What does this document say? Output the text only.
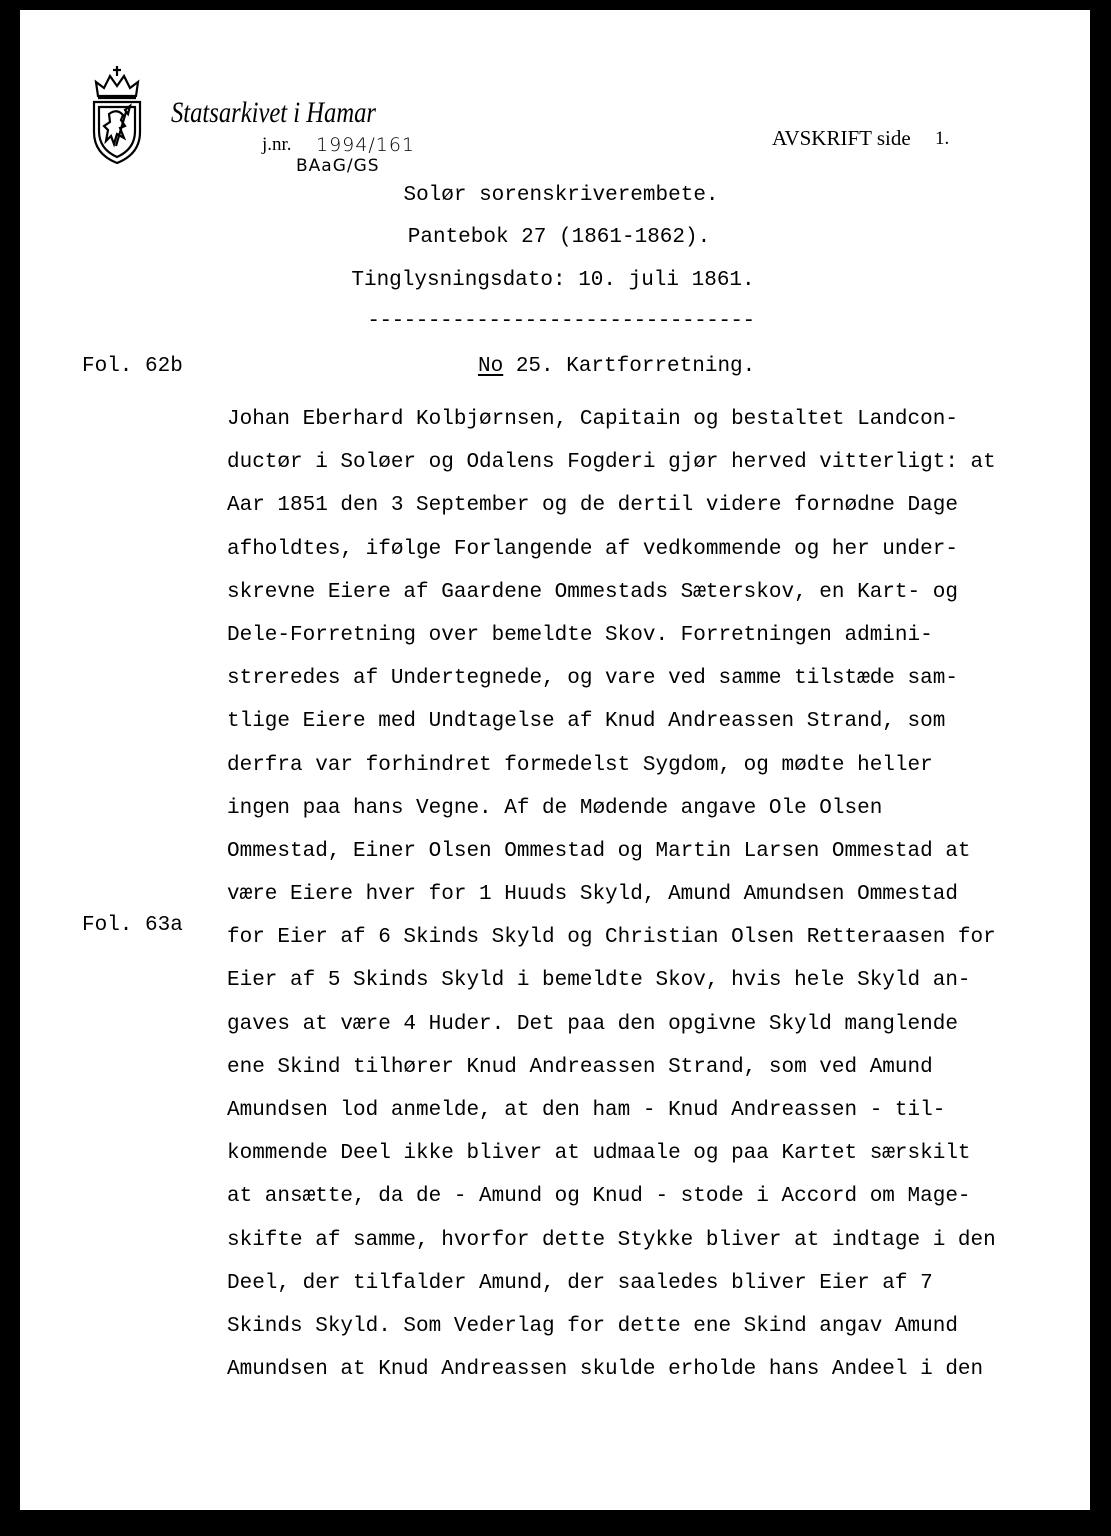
Statsarkivet i Hamar
j.nr. 1994/161
BAaG/GS
AVSKRIFT side 1.
Solør sorenskriverembete.
Pantebok 27 (1861-1862).
Tinglysningsdato: 10. juli 1861.
--------------------------------
Fol. 62b
Fol. 63a
No 25. Kartforretning.
Johan Eberhard Kolbjørnsen, Capitain og bestaltet Landcon-
ductør i Soløer og Odalens Fogderi gjør herved vitterligt: at
Aar 1851 den 3 September og de dertil videre fornødne Dage
afholdtes, ifølge Forlangende af vedkommende og her under-
skrevne Eiere af Gaardene Ommestads Sæterskov, en Kart- og
Dele-Forretning over bemeldte Skov. Forretningen admini-
streredes af Undertegnede, og vare ved samme tilstæde sam-
tlige Eiere med Undtagelse af Knud Andreassen Strand, som
derfra var forhindret formedelst Sygdom, og mødte heller
ingen paa hans Vegne. Af de Mødende angave Ole Olsen
Ommestad, Einer Olsen Ommestad og Martin Larsen Ommestad at
være Eiere hver for 1 Huuds Skyld, Amund Amundsen Ommestad
for Eier af 6 Skinds Skyld og Christian Olsen Retteraasen for
Eier af 5 Skinds Skyld i bemeldte Skov, hvis hele Skyld an-
gaves at være 4 Huder. Det paa den opgivne Skyld manglende
ene Skind tilhører Knud Andreassen Strand, som ved Amund
Amundsen lod anmelde, at den ham - Knud Andreassen - til-
kommende Deel ikke bliver at udmaale og paa Kartet særskilt
at ansætte, da de - Amund og Knud - stode i Accord om Mage-
skifte af samme, hvorfor dette Stykke bliver at indtage i den
Deel, der tilfalder Amund, der saaledes bliver Eier af 7
Skinds Skyld. Som Vederlag for dette ene Skind angav Amund
Amundsen at Knud Andreassen skulde erholde hans Andeel i den
